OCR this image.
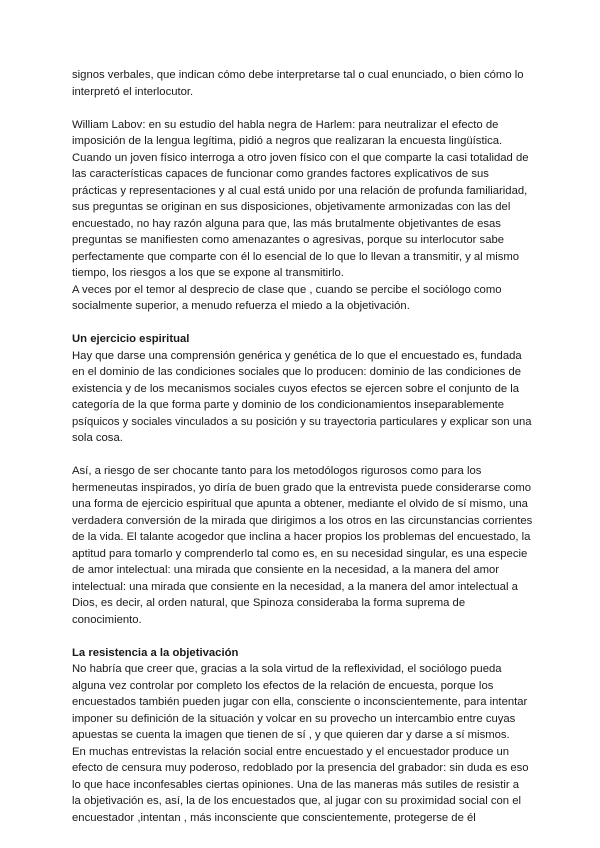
signos verbales, que indican cómo debe interpretarse tal o cual enunciado, o bien cómo lo

interpretó el interlocutor.

William Labov: en su estudio del habla negra de Harlem: para neutralizar el efecto de

imposición de la lengua legítima, pidió a negros que realizaran la encuesta lingüística.

Cuando un joven físico interroga a otro joven físico con el que comparte la casi totalidad de

las características capaces de funcionar como grandes factores explicativos de sus

prácticas y representaciones y al cual está unido por una relación de profunda familiaridad,

sus preguntas se originan en sus disposiciones, objetivamente armonizadas con las del

encuestado, no hay razón alguna para que, las más brutalmente objetivantes de esas

preguntas se manifiesten como amenazantes o agresivas, porque su interlocutor sabe

perfectamente que comparte con él lo esencial de lo que lo llevan a transmitir, y al mismo

tiempo, los riesgos a los que se expone al transmitirlo.

A veces por el temor al desprecio de clase que , cuando se percibe el sociólogo como

socialmente superior, a menudo refuerza el miedo a la objetivación.

Un ejercicio espiritual

Hay que darse una comprensión genérica y genética de lo que el encuestado es, fundada

en el dominio de las condiciones sociales que lo producen: dominio de las condiciones de

existencia y de los mecanismos sociales cuyos efectos se ejercen sobre el conjunto de la

categoría de la que forma parte y dominio de los condicionamientos inseparablemente

psíquicos y sociales vinculados a su posición y su trayectoria particulares y explicar son una

sola cosa.

Así, a riesgo de ser chocante tanto para los metodólogos rigurosos como para los

hermeneutas inspirados, yo diría de buen grado que la entrevista puede considerarse como

una forma de ejercicio espiritual que apunta a obtener, mediante el olvido de sí mismo, una

verdadera conversión de la mirada que dirigimos a los otros en las circunstancias corrientes

de la vida. El talante acogedor que inclina a hacer propios los problemas del encuestado, la

aptitud para tomarlo y comprenderlo tal como es, en su necesidad singular, es una especie

de amor intelectual: una mirada que consiente en la necesidad, a la manera del amor

intelectual: una mirada que consiente en la necesidad, a la manera del amor intelectual a

Dios, es decir, al orden natural, que Spinoza consideraba la forma suprema de

conocimiento.

La resistencia a la objetivación

No habría que creer que, gracias a la sola virtud de la reflexividad, el sociólogo pueda

alguna vez controlar por completo los efectos de la relación de encuesta, porque los

encuestados también pueden jugar con ella, consciente o inconscientemente, para intentar

imponer su definición de la situación y volcar en su provecho un intercambio entre cuyas

apuestas se cuenta la imagen que tienen de sí , y que quieren dar y darse a sí mismos.

En muchas entrevistas la relación social entre encuestado y el encuestador produce un

efecto de censura muy poderoso, redoblado por la presencia del grabador: sin duda es eso

lo que hace inconfesables ciertas opiniones. Una de las maneras más sutiles de resistir a

la objetivación es, así, la de los encuestados que, al jugar con su proximidad social con el

encuestador ,intentan , más inconsciente que conscientemente, protegerse de él
